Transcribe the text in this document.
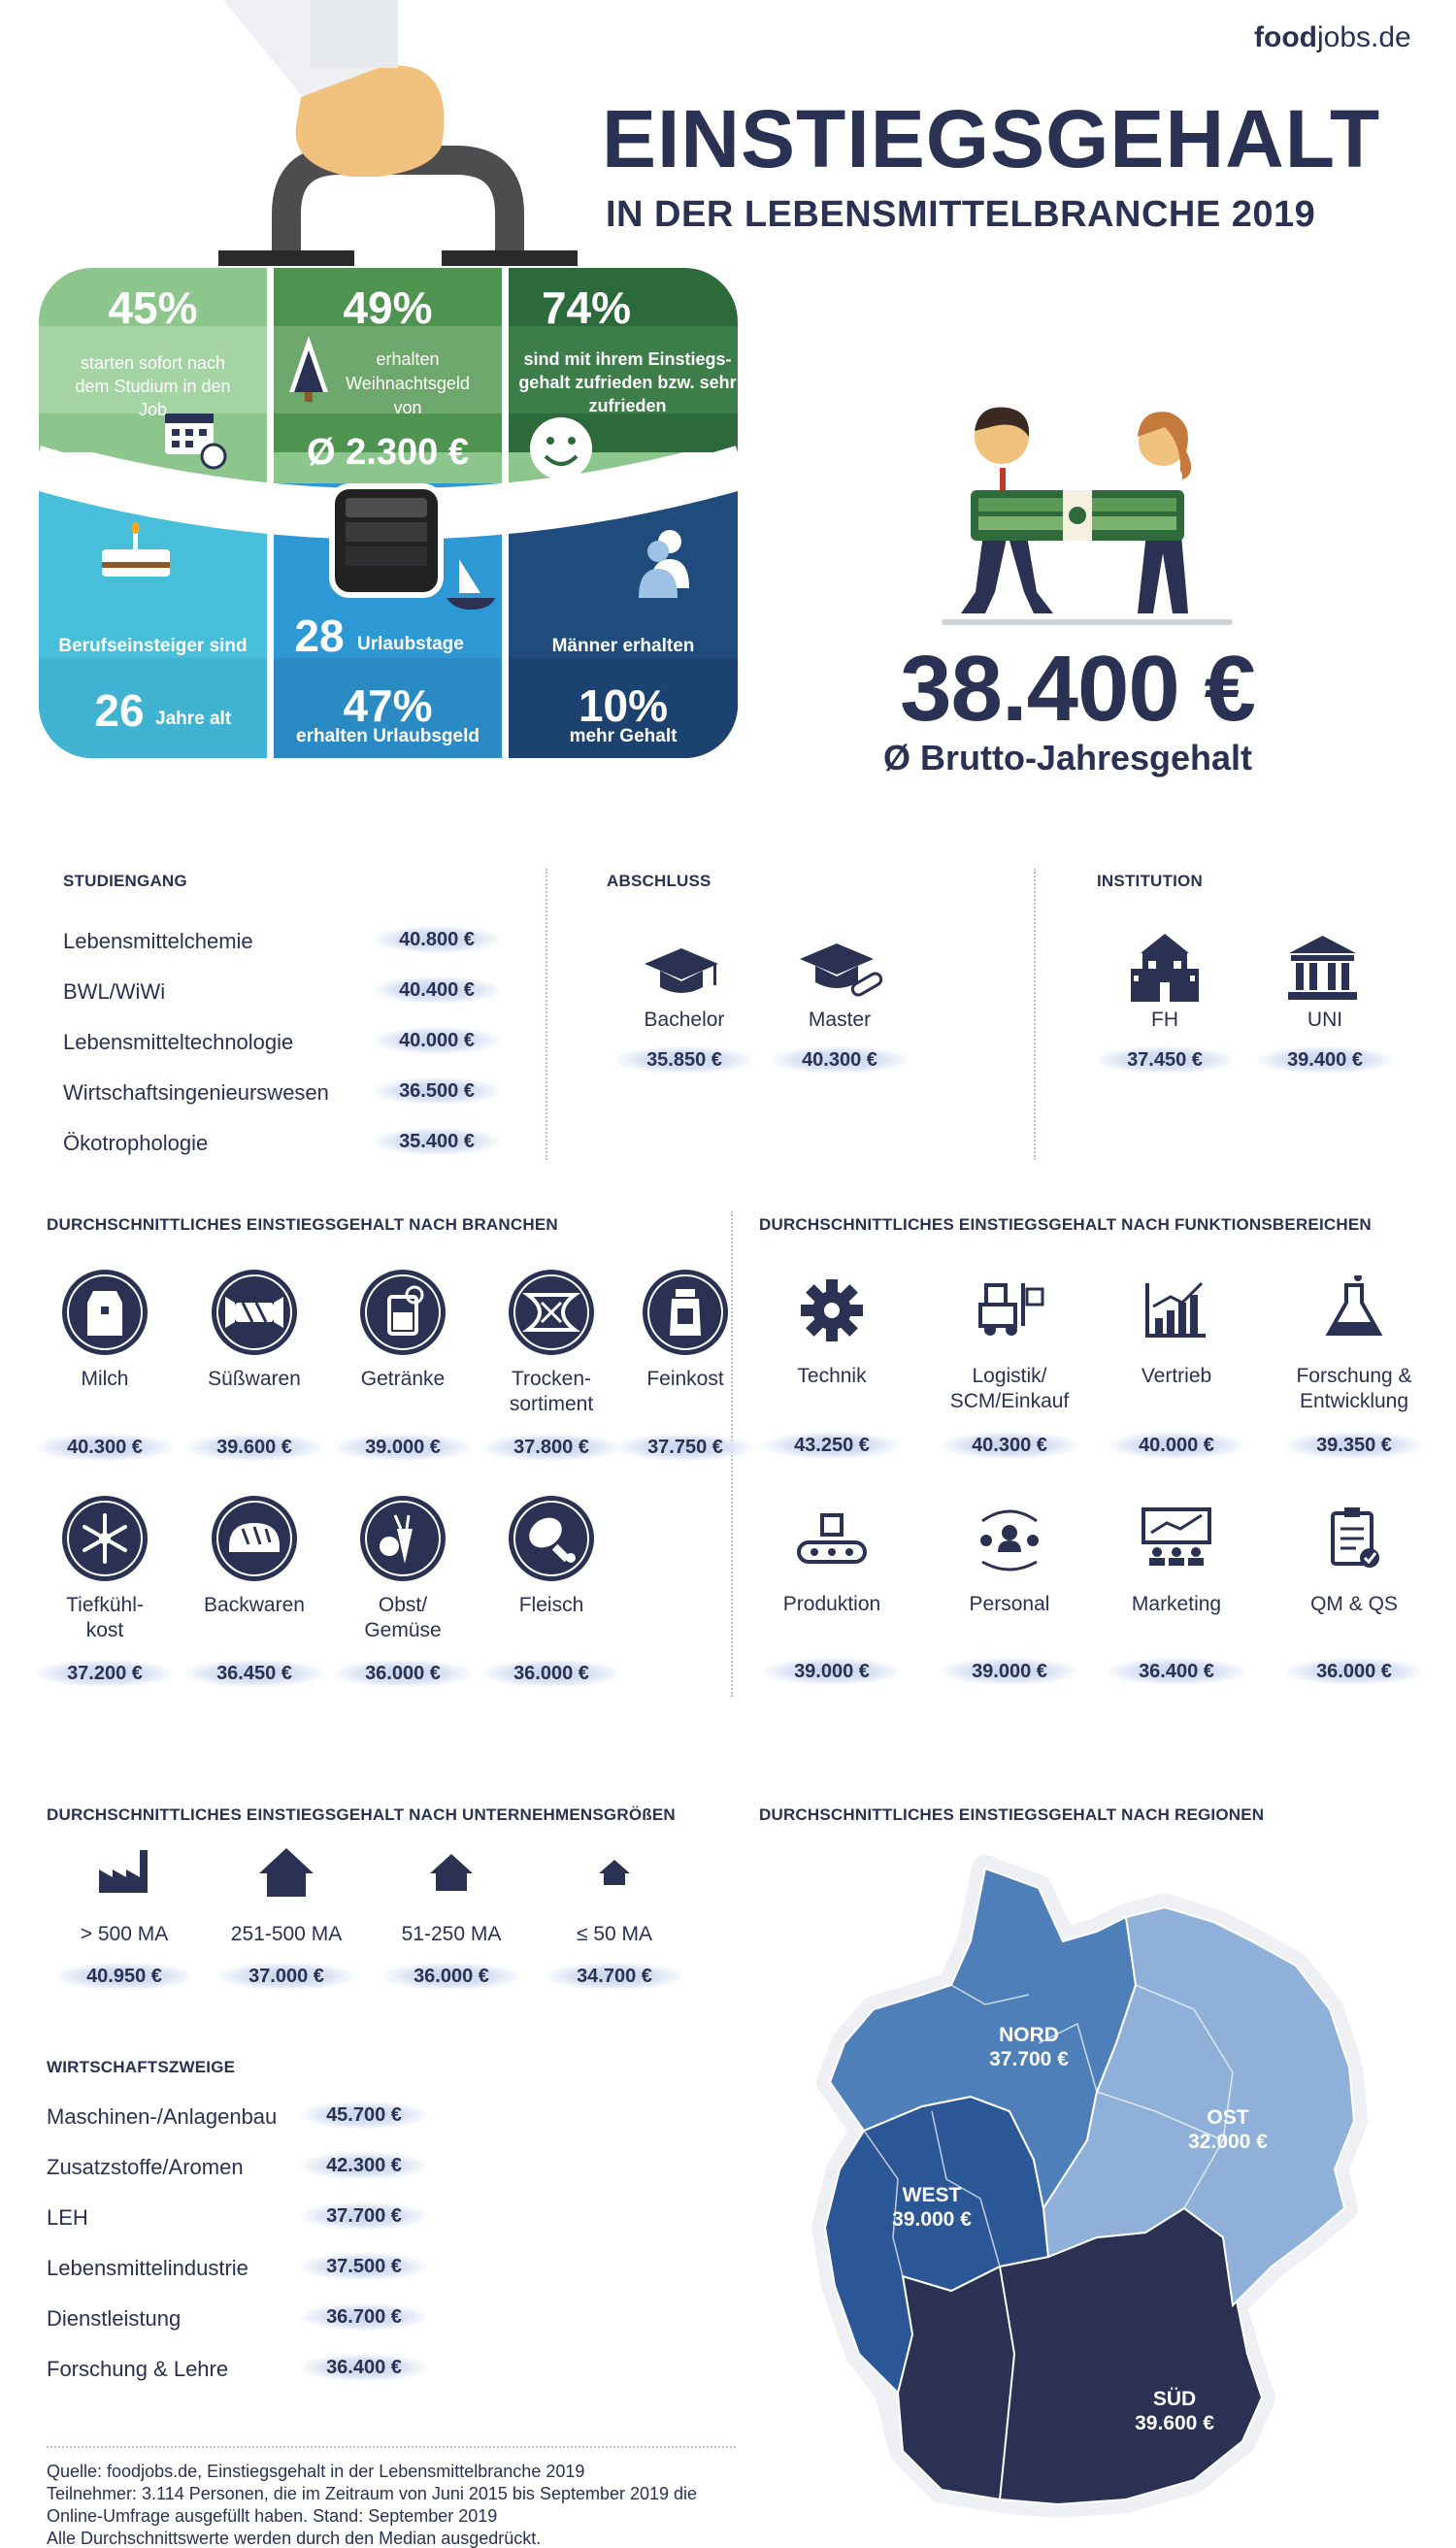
foodjobs.de
EINSTIEGSGEHALT
IN DER LEBENSMITTELBRANCHE 2019
45%
starten sofort nach dem Studium in den Job
49%
erhalten Weihnachtsgeld von
Ø 2.300 €
74%
sind mit ihrem Einstiegs-gehalt zufrieden bzw. sehr zufrieden
Berufseinsteiger sind
26 Jahre alt
28 Urlaubstage
47%
erhalten Urlaubsgeld
Männer erhalten
10%
mehr Gehalt	38.400 €
Ø Brutto-Jahresgehalt
STUDIENGANG
Lebensmittelchemie	40.800 €
BWL/WiWi	40.400 €
Lebensmitteltechnologie	40.000 €
Wirtschaftsingenieurswesen	36.500 €
Ökotrophologie	35.400 €
ABSCHLUSS
Bachelor
35.850 €
Master
40.300 €
INSTITUTION
FH
37.450 €
UNI
39.400 €
DURCHSCHNITTLICHES EINSTIEGSGEHALT NACH BRANCHEN
Milch
40.300 €
Süßwaren
39.600 €
Getränke
39.000 €
Trocken-
sortiment
37.800 €
Feinkost
37.750 €
Tiefkühl-
kost
37.200 €
Backwaren
36.450 €
Obst/
Gemüse
36.000 €
Fleisch
36.000 €
DURCHSCHNITTLICHES EINSTIEGSGEHALT NACH FUNKTIONSBEREICHEN
Technik
43.250 €
Logistik/
SCM/Einkauf
40.300 €
Vertrieb
40.000 €
Forschung &
Entwicklung
39.350 €
Produktion
39.000 €
Personal
39.000 €
Marketing
36.400 €
QM & QS
36.000 €
DURCHSCHNITTLICHES EINSTIEGSGEHALT NACH UNTERNEHMENSGRÖßEN
> 500 MA
40.950 €
251-500 MA
37.000 €
51-250 MA
36.000 €
≤ 50 MA
34.700 €
WIRTSCHAFTSZWEIGE
Maschinen-/Anlagenbau	45.700 €
Zusatzstoffe/Aromen	42.300 €
LEH	37.700 €
Lebensmittelindustrie	37.500 €
Dienstleistung	36.700 €
Forschung & Lehre	36.400 €
Quelle: foodjobs.de, Einstiegsgehalt in der Lebensmittelbranche 2019
Teilnehmer: 3.114 Personen, die im Zeitraum von Juni 2015 bis September 2019 die
Online-Umfrage ausgefüllt haben. Stand: September 2019
Alle Durchschnittswerte werden durch den Median ausgedrückt.
DURCHSCHNITTLICHES EINSTIEGSGEHALT NACH REGIONEN
NORD
37.700 €
OST
32.000 €
WEST
39.000 €
SÜD
39.600 €
